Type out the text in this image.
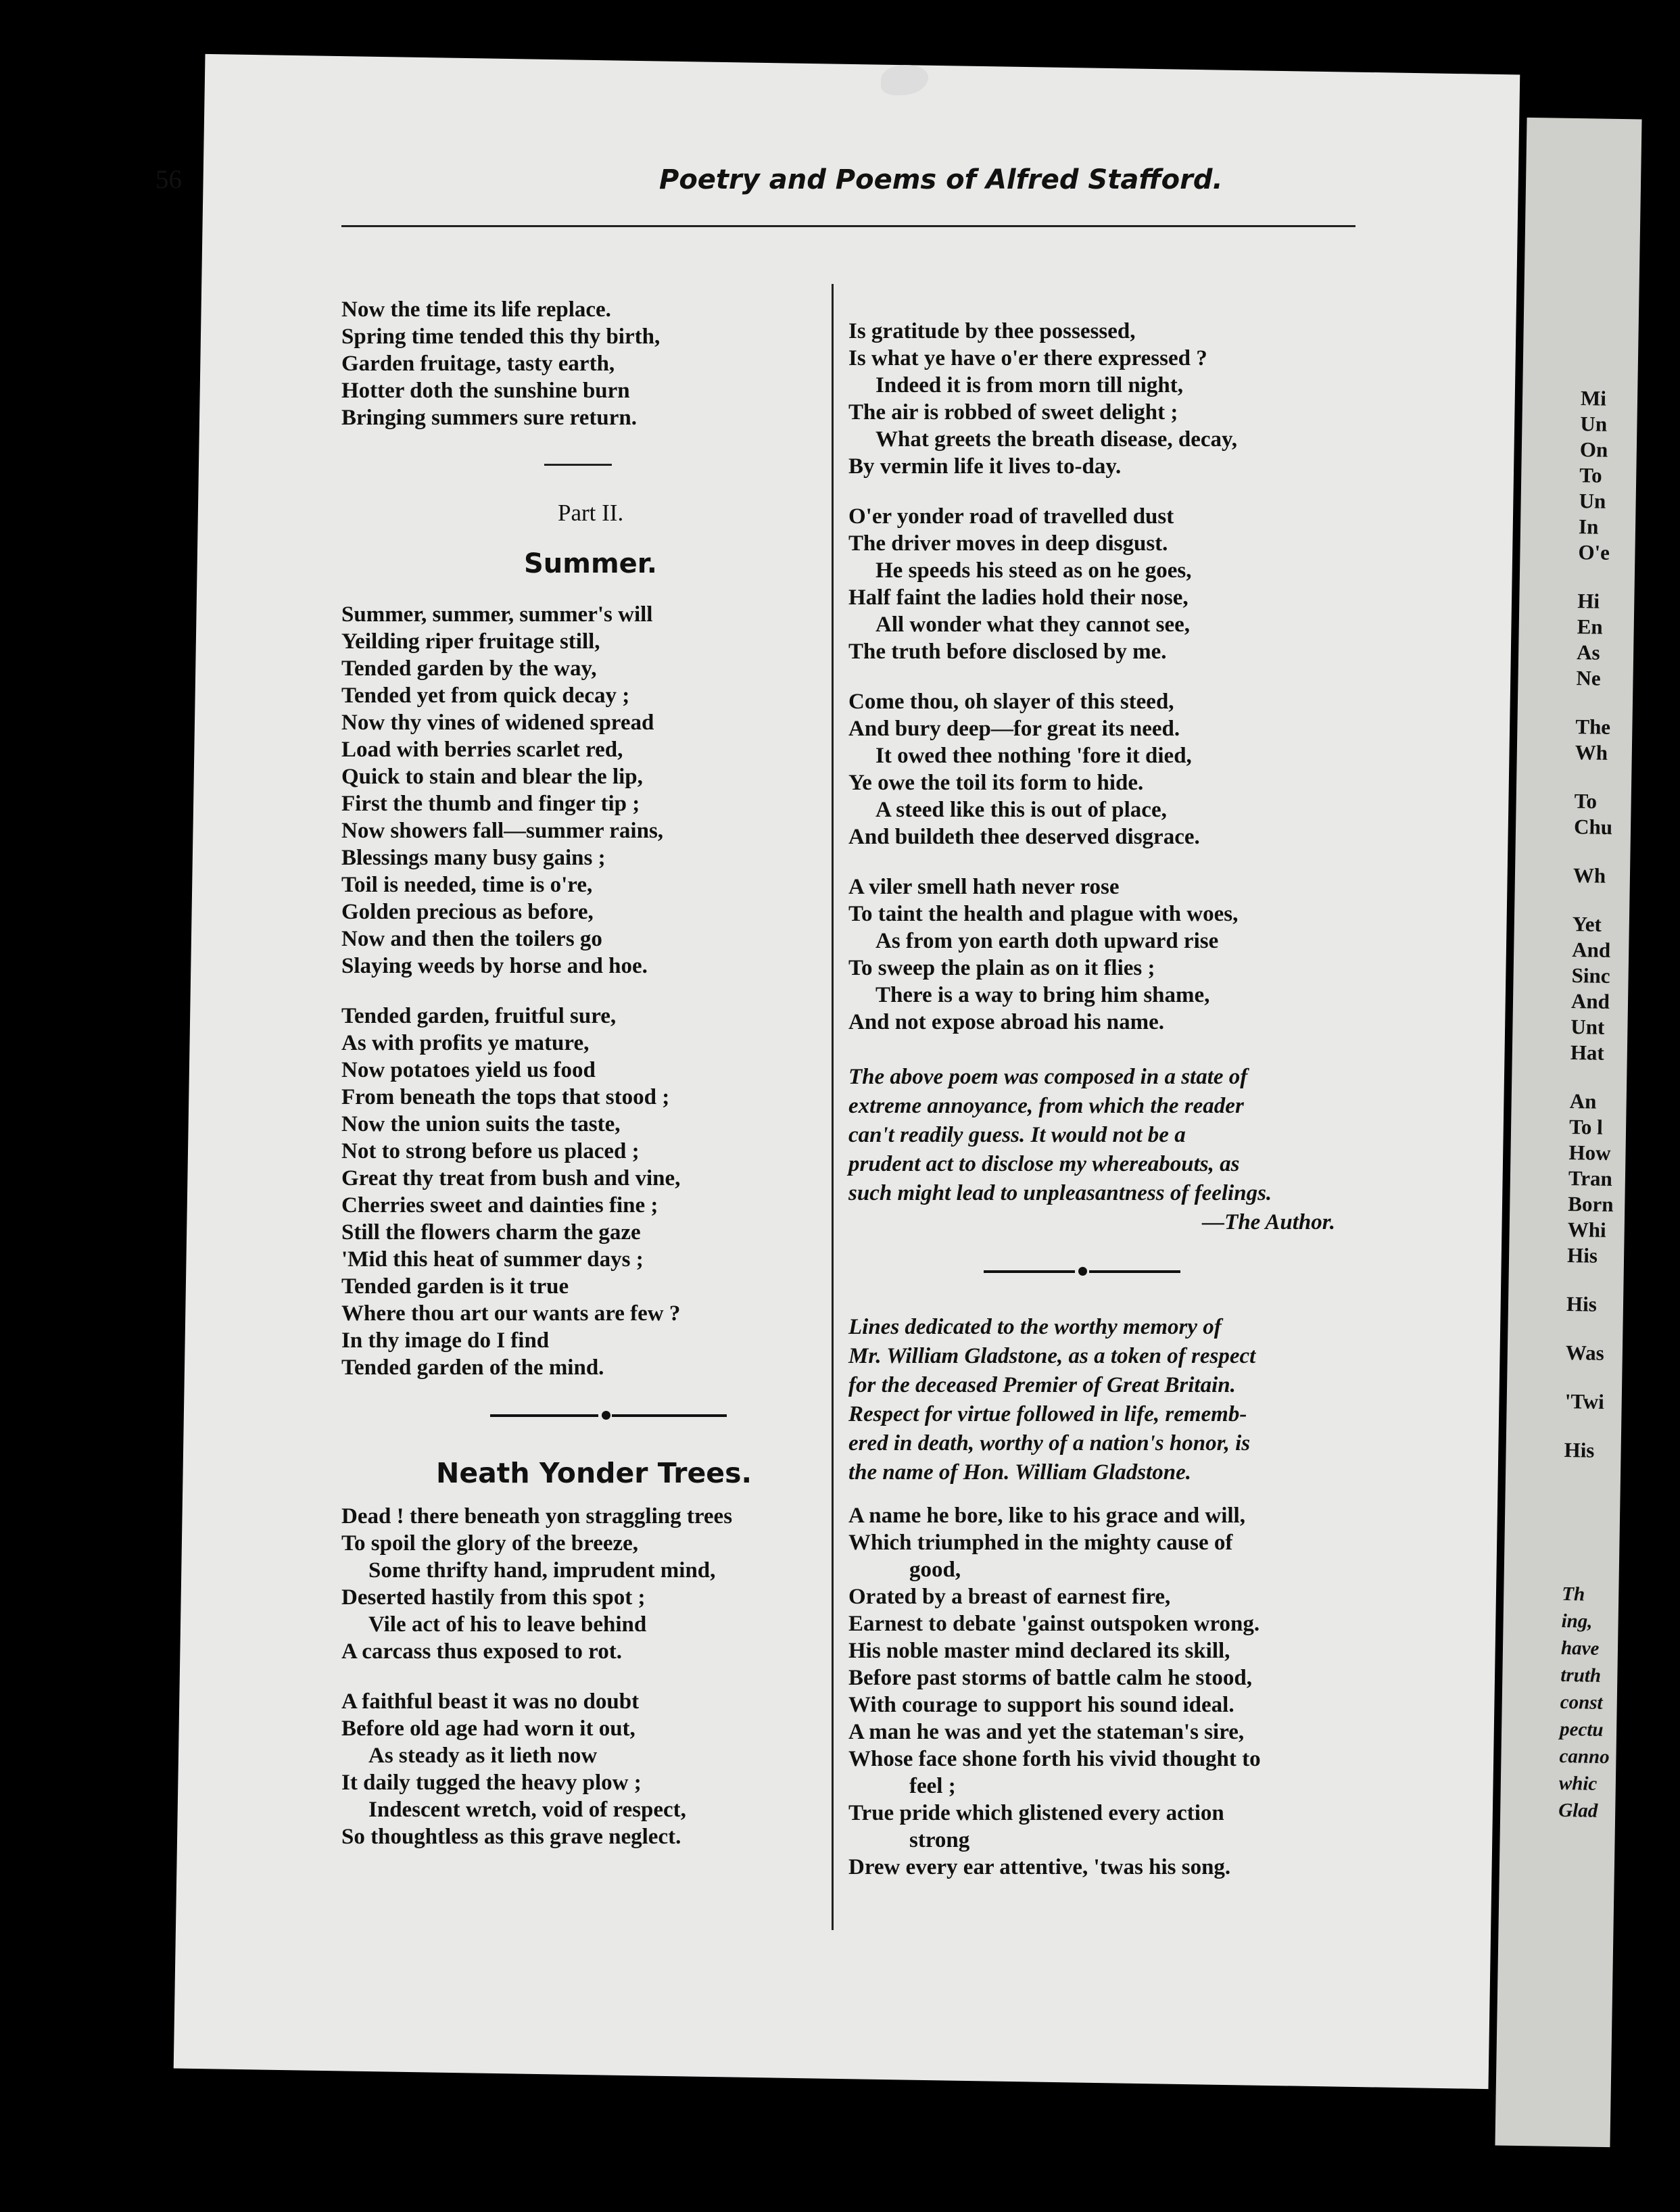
Mi
Un
On
To
Un
In
O'e
Hi
En
As
Ne
The
Wh
To
Chu
Wh
Yet
And
Sinc
And
Unt
Hat
An
To l
How
Tran
Born
Whi
His
His
Was
'Twi
His
Th
ing,
have
truth
const
pectu
canno
whic
Glad
56	Poetry and Poems of Alfred Stafford.
Now the time its life replace.
Spring time tended this thy birth,
Garden fruitage, tasty earth,
Hotter doth the sunshine burn
Bringing summers sure return.
Part II.
Summer.
Summer, summer, summer's will
Yeilding riper fruitage still,
Tended garden by the way,
Tended yet from quick decay ;
Now thy vines of widened spread
Load with berries scarlet red,
Quick to stain and blear the lip,
First the thumb and finger tip ;
Now showers fall—summer rains,
Blessings many busy gains ;
Toil is needed, time is o're,
Golden precious as before,
Now and then the toilers go
Slaying weeds by horse and hoe.
Tended garden, fruitful sure,
As with profits ye mature,
Now potatoes yield us food
From beneath the tops that stood ;
Now the union suits the taste,
Not to strong before us placed ;
Great thy treat from bush and vine,
Cherries sweet and dainties fine ;
Still the flowers charm the gaze
'Mid this heat of summer days ;
Tended garden is it true
Where thou art our wants are few ?
In thy image do I find
Tended garden of the mind.
Neath Yonder Trees.
Dead ! there beneath yon straggling trees
To spoil the glory of the breeze,
Some thrifty hand, imprudent mind,
Deserted hastily from this spot ;
Vile act of his to leave behind
A carcass thus exposed to rot.
A faithful beast it was no doubt
Before old age had worn it out,
As steady as it lieth now
It daily tugged the heavy plow ;
Indescent wretch, void of respect,
So thoughtless as this grave neglect.
Is gratitude by thee possessed,
Is what ye have o'er there expressed ?
Indeed it is from morn till night,
The air is robbed of sweet delight ;
What greets the breath disease, decay,
By vermin life it lives to-day.
O'er yonder road of travelled dust
The driver moves in deep disgust.
He speeds his steed as on he goes,
Half faint the ladies hold their nose,
All wonder what they cannot see,
The truth before disclosed by me.
Come thou, oh slayer of this steed,
And bury deep—for great its need.
It owed thee nothing 'fore it died,
Ye owe the toil its form to hide.
A steed like this is out of place,
And buildeth thee deserved disgrace.
A viler smell hath never rose
To taint the health and plague with woes,
As from yon earth doth upward rise
To sweep the plain as on it flies ;
There is a way to bring him shame,
And not expose abroad his name.
The above poem was composed in a state of
extreme annoyance, from which the reader
can't readily guess. It would not be a
prudent act to disclose my whereabouts, as
such might lead to unpleasantness of feelings.
—The Author.
Lines dedicated to the worthy memory of
Mr. William Gladstone, as a token of respect
for the deceased Premier of Great Britain.
Respect for virtue followed in life, rememb-
ered in death, worthy of a nation's honor, is
the name of Hon. William Gladstone.
A name he bore, like to his grace and will,
Which triumphed in the mighty cause of
good,
Orated by a breast of earnest fire,
Earnest to debate 'gainst outspoken wrong.
His noble master mind declared its skill,
Before past storms of battle calm he stood,
With courage to support his sound ideal.
A man he was and yet the stateman's sire,
Whose face shone forth his vivid thought to
feel ;
True pride which glistened every action
strong
Drew every ear attentive, 'twas his song.
